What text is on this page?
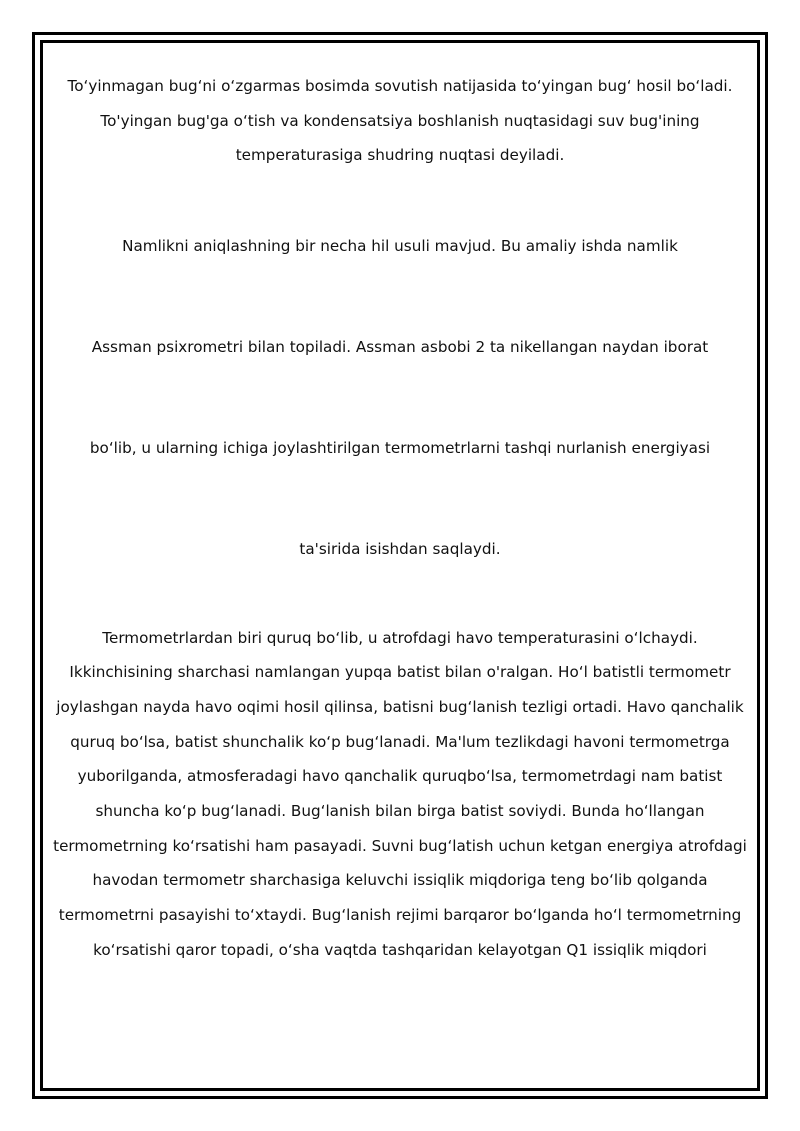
To‘yinmagan bug‘ni o‘zgarmas bosimda sovutish natijasida to‘yingan bug‘ hosil bo‘ladi. To'yingan bug'ga o‘tish va kondensatsiya boshlanish nuqtasidagi suv bug'ining temperaturasiga shudring nuqtasi deyiladi.

Namlikni aniqlashning bir necha hil usuli mavjud. Bu amaliy ishda namlik

Assman psixrometri bilan topiladi. Assman asbobi 2 ta nikellangan naydan iborat

bo‘lib, u ularning ichiga joylashtirilgan termometrlarni tashqi nurlanish energiyasi

ta'sirida isishdan saqlaydi.

Termometrlardan biri quruq bo‘lib, u atrofdagi havo temperaturasini o‘lchaydi. Ikkinchisining sharchasi namlangan yupqa batist bilan o'ralgan. Ho‘l batistli termometr joylashgan nayda havo oqimi hosil qilinsa, batisni bug‘lanish tezligi ortadi. Havo qanchalik quruq bo‘lsa, batist shunchalik ko‘p bug‘lanadi. Ma'lum tezlikdagi havoni termometrga yuborilganda, atmosferadagi havo qanchalik quruqbo‘lsa, termometrdagi nam batist shuncha ko‘p bug‘lanadi. Bug‘lanish bilan birga batist soviydi. Bunda ho‘llangan termometrning ko‘rsatishi ham pasayadi. Suvni bug‘latish uchun ketgan energiya atrofdagi havodan termometr sharchasiga keluvchi issiqlik miqdoriga teng bo‘lib qolganda termometrni pasayishi to‘xtaydi. Bug‘lanish rejimi barqaror bo‘lganda ho‘l termometrning ko‘rsatishi qaror topadi, o‘sha vaqtda tashqaridan kelayotgan Q1 issiqlik miqdori
